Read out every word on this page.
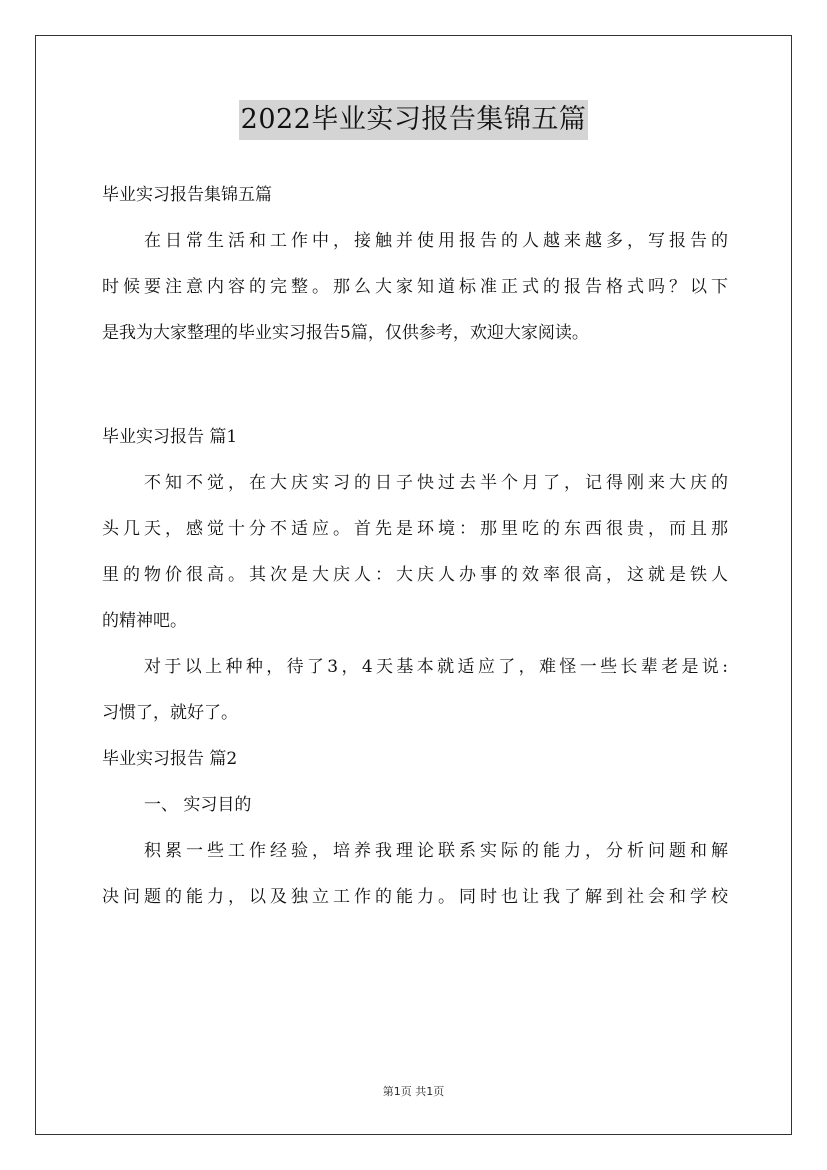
2022毕业实习报告集锦五篇
毕业实习报告集锦五篇
在日常生活和工作中，接触并使用报告的人越来越多，写报告的
时候要注意内容的完整。那么大家知道标准正式的报告格式吗？以下
是我为大家整理的毕业实习报告5篇，仅供参考，欢迎大家阅读。
毕业实习报告 篇1
不知不觉，在大庆实习的日子快过去半个月了，记得刚来大庆的
头几天，感觉十分不适应。首先是环境：那里吃的东西很贵，而且那
里的物价很高。其次是大庆人：大庆人办事的效率很高，这就是铁人
的精神吧。
对于以上种种，待了3，4天基本就适应了，难怪一些长辈老是说:
习惯了，就好了。
毕业实习报告 篇2
一、 实习目的
积累一些工作经验，培养我理论联系实际的能力，分析问题和解
决问题的能力，以及独立工作的能力。同时也让我了解到社会和学校
第1页 共1页
